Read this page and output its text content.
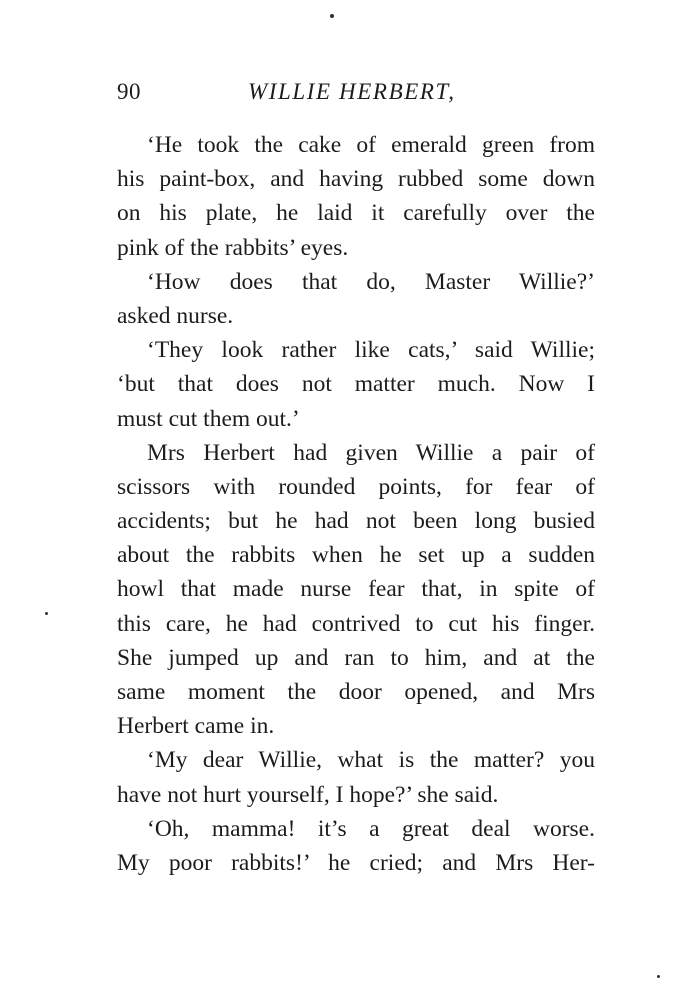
90	WILLIE HERBERT,
‘He took the cake of emerald green from
his paint-box, and having rubbed some down
on his plate, he laid it carefully over the
pink of the rabbits’ eyes.
‘How does that do, Master Willie?’
asked nurse.
‘They look rather like cats,’ said Willie;
‘but that does not matter much. Now I
must cut them out.’
Mrs Herbert had given Willie a pair of
scissors with rounded points, for fear of
accidents; but he had not been long busied
about the rabbits when he set up a sudden
howl that made nurse fear that, in spite of
this care, he had contrived to cut his finger.
She jumped up and ran to him, and at the
same moment the door opened, and Mrs
Herbert came in.
‘My dear Willie, what is the matter? you
have not hurt yourself, I hope?’ she said.
‘Oh, mamma! it’s a great deal worse.
My poor rabbits!’ he cried; and Mrs Her-
